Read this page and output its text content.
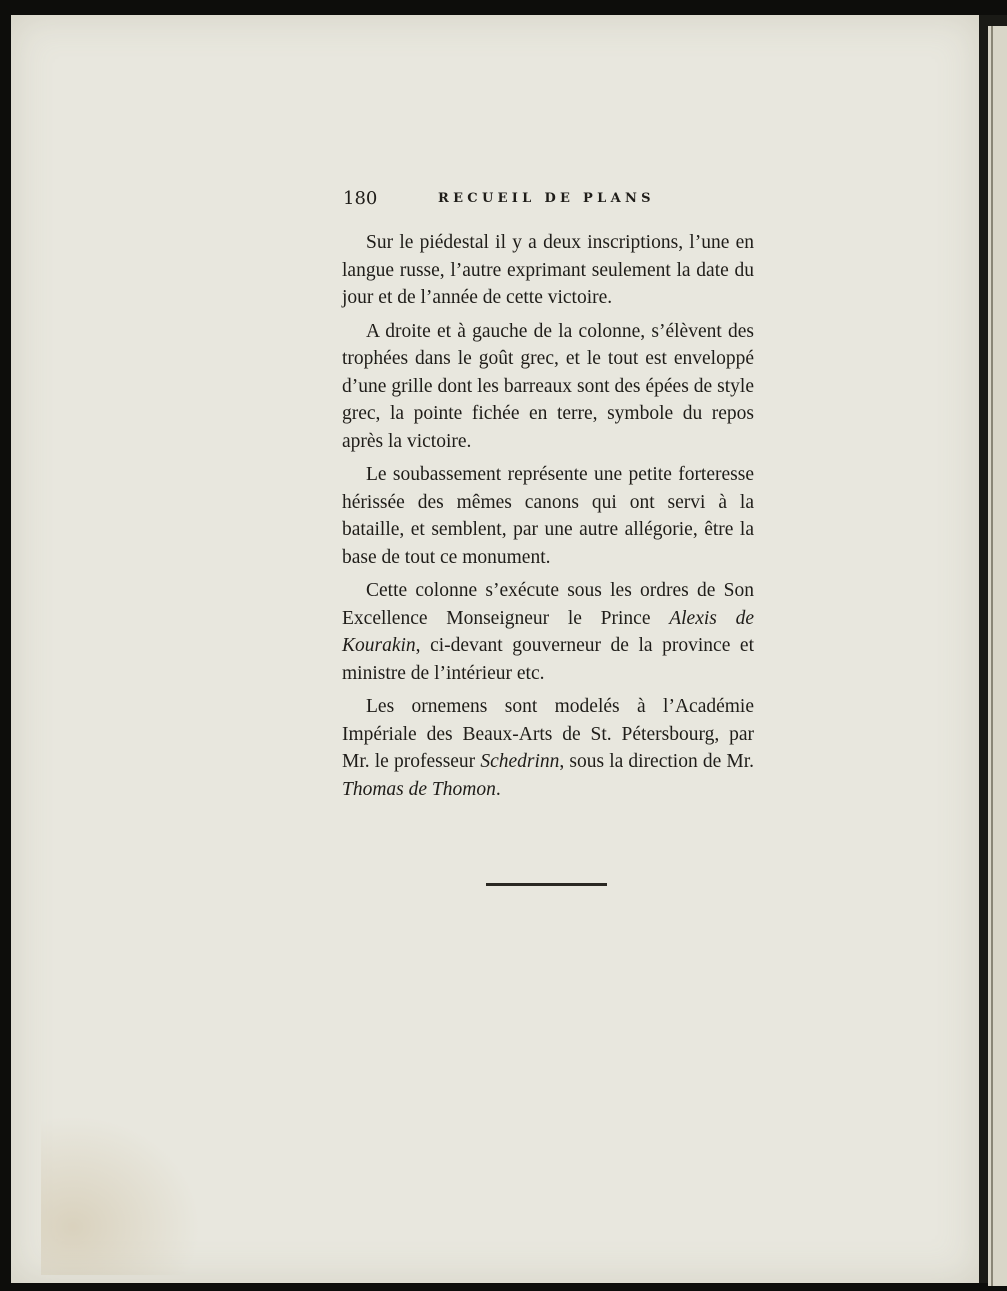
180	RECUEIL DE PLANS

Sur le piédestal il y a deux inscriptions, l’une en langue russe, l’autre exprimant seulement la date du jour et de l’année de cette victoire.

A droite et à gauche de la colonne, s’élèvent des trophées dans le goût grec, et le tout est enveloppé d’une grille dont les barreaux sont des épées de style grec, la pointe fichée en terre, symbole du repos après la victoire.

Le soubassement représente une petite forteresse hérissée des mêmes canons qui ont servi à la bataille, et semblent, par une autre allégorie, être la base de tout ce monument.

Cette colonne s’exécute sous les ordres de Son Excellence Monseigneur le Prince Alexis de Kourakin, ci-devant gouverneur de la province et ministre de l’intérieur etc.

Les ornemens sont modelés à l’Académie Impériale des Beaux-Arts de St. Pétersbourg, par Mr. le professeur Schedrinn, sous la direction de Mr. Thomas de Thomon.
